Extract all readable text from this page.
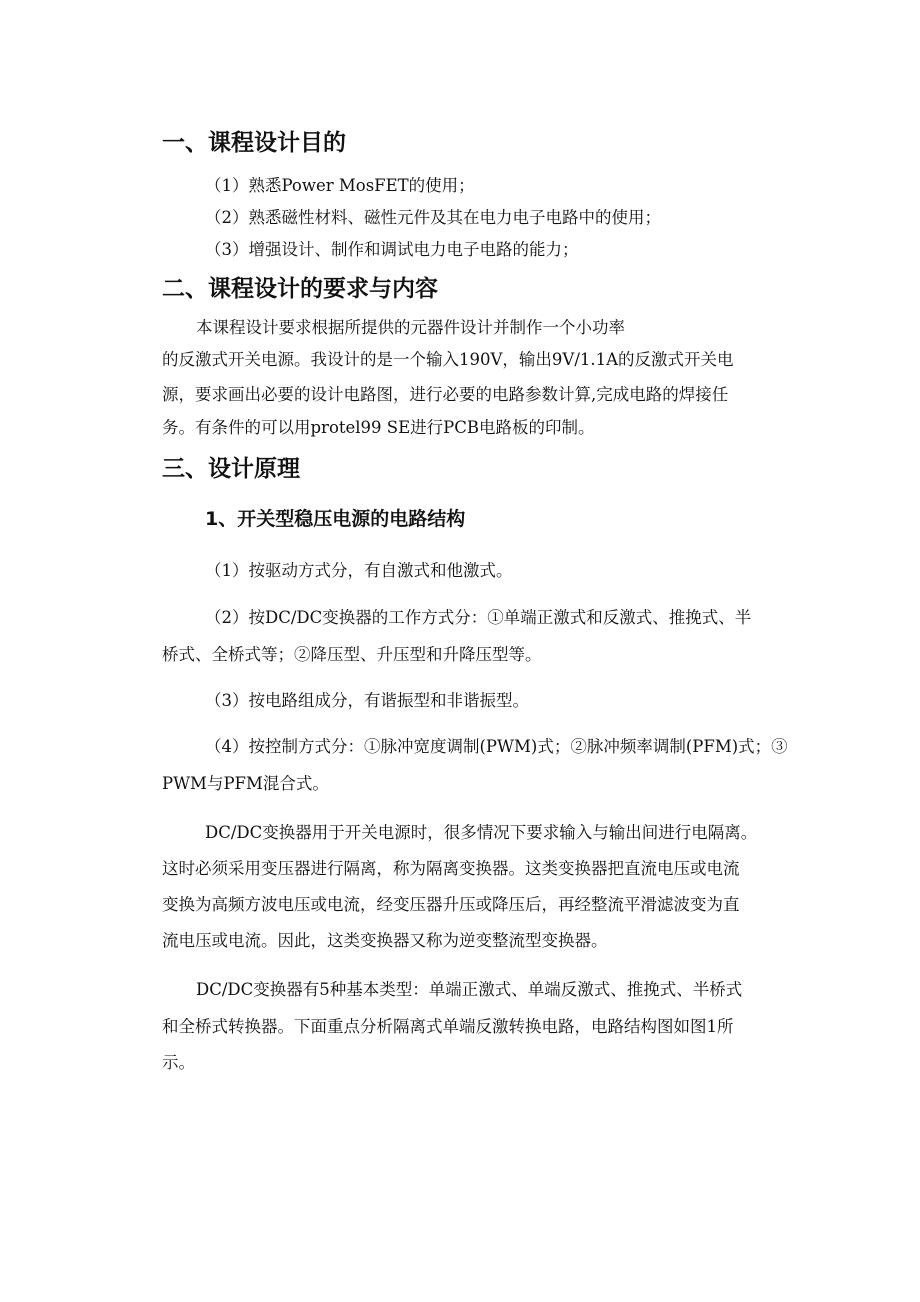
一、课程设计目的
（1）熟悉Power MosFET的使用；
（2）熟悉磁性材料、磁性元件及其在电力电子电路中的使用；
（3）增强设计、制作和调试电力电子电路的能力；
二、课程设计的要求与内容
本课程设计要求根据所提供的元器件设计并制作一个小功率
的反激式开关电源。我设计的是一个输入190V，输出9V/1.1A的反激式开关电
源，要求画出必要的设计电路图，进行必要的电路参数计算,完成电路的焊接任
务。有条件的可以用protel99 SE进行PCB电路板的印制。
三、设计原理
1、开关型稳压电源的电路结构
（1）按驱动方式分，有自激式和他激式。
（2）按DC/DC变换器的工作方式分：①单端正激式和反激式、推挽式、半
桥式、全桥式等；②降压型、升压型和升降压型等。
（3）按电路组成分，有谐振型和非谐振型。
（4）按控制方式分：①脉冲宽度调制(PWM)式；②脉冲频率调制(PFM)式；③
PWM与PFM混合式。
DC/DC变换器用于开关电源时，很多情况下要求输入与输出间进行电隔离。
这时必须采用变压器进行隔离，称为隔离变换器。这类变换器把直流电压或电流
变换为高频方波电压或电流，经变压器升压或降压后，再经整流平滑滤波变为直
流电压或电流。因此，这类变换器又称为逆变整流型变换器。
DC/DC变换器有5种基本类型：单端正激式、单端反激式、推挽式、半桥式
和全桥式转换器。下面重点分析隔离式单端反激转换电路，电路结构图如图1所
示。
